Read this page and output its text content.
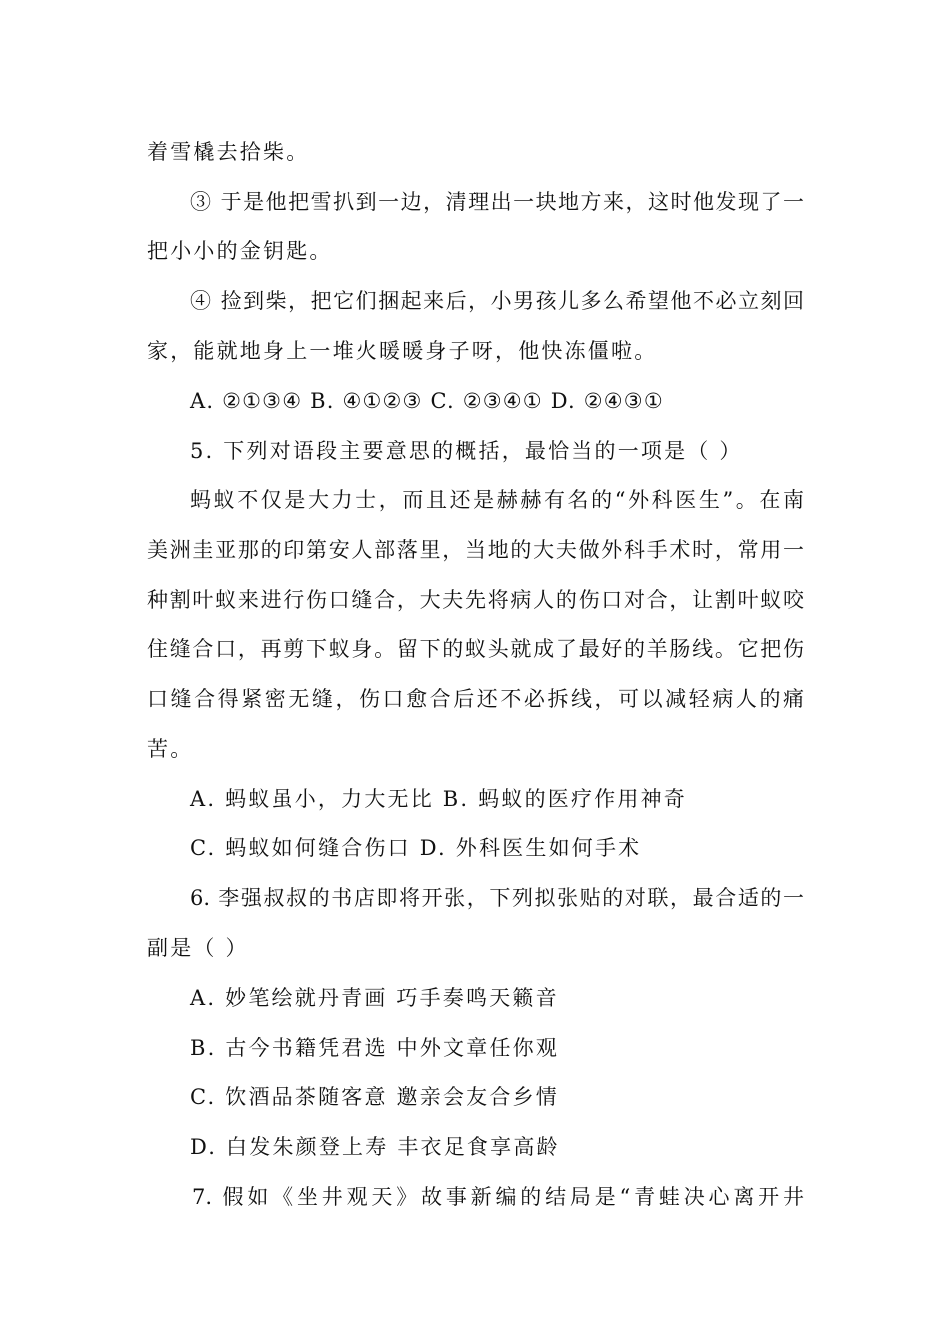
着雪橇去拾柴。
③ 于是他把雪扒到一边，清理出一块地方来，这时他发现了一
把小小的金钥匙。
④ 捡到柴，把它们捆起来后，小男孩儿多么希望他不必立刻回
家，能就地身上一堆火暖暖身子呀，他快冻僵啦。
A. ②①③④ B. ④①②③ C. ②③④① D. ②④③①
5. 下列对语段主要意思的概括，最恰当的一项是（ ）
蚂蚁不仅是大力士，而且还是赫赫有名的“外科医生”。在南
美洲圭亚那的印第安人部落里，当地的大夫做外科手术时，常用一
种割叶蚁来进行伤口缝合，大夫先将病人的伤口对合，让割叶蚁咬
住缝合口，再剪下蚁身。留下的蚁头就成了最好的羊肠线。它把伤
口缝合得紧密无缝，伤口愈合后还不必拆线，可以减轻病人的痛
苦。
A. 蚂蚁虽小，力大无比 B. 蚂蚁的医疗作用神奇
C. 蚂蚁如何缝合伤口 D. 外科医生如何手术
6. 李强叔叔的书店即将开张，下列拟张贴的对联，最合适的一
副是（ ）
A. 妙笔绘就丹青画 巧手奏鸣天籁音
B. 古今书籍凭君选 中外文章任你观
C. 饮酒品茶随客意 邀亲会友合乡情
D. 白发朱颜登上寿 丰衣足食享高龄
7. 假如《坐井观天》故事新编的结局是“青蛙决心离开井
